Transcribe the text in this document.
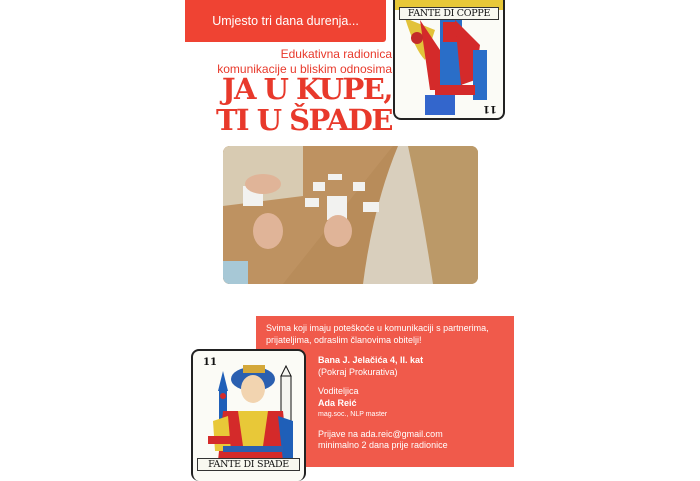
Umjesto tri dana durenja...
Edukativna radionica
komunikacije u bliskim odnosima
JA U KUPE,
TI U ŠPADE
FANTE DI COPPE
11
Svima koji imaju poteškoće u komunikaciji s partnerima, prijateljima, odraslim članovima obitelji!
Bana J. Jelačića 4, II. kat
(Pokraj Prokurativa)
Voditeljica
Ada Reić
mag.soc., NLP master
Prijave na ada.reic@gmail.com
minimalno 2 dana prije radionice
11
FANTE DI SPADE
